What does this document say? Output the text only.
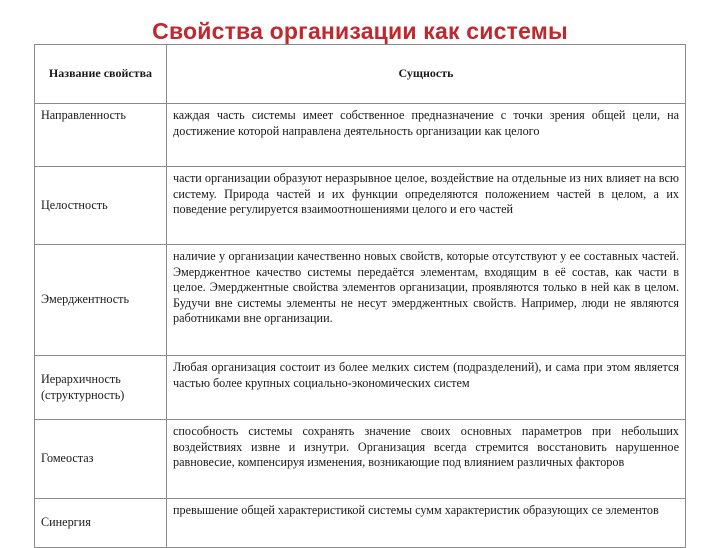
Свойства организации как системы
Название свойства	Сущность
Направленность	каждая часть системы имеет собственное предназначение с точки зрения общей цели, на достижение которой направлена деятельность организации как целого
Целостность	части организации образуют неразрывное целое, воздействие на отдельные из них влияет на всю систему. Природа частей и их функции определяются положением частей в целом, а их поведение регулируется взаимоотношениями целого и его частей
Эмерджентность	наличие у организации качественно новых свойств, которые отсутствуют у ее составных частей. Эмерджентное качество системы передаётся элементам, входящим в её состав, как части в целое. Эмерджентные свойства элементов организации, проявляются только в ней как в целом. Будучи вне системы элементы не несут эмерджентных свойств. Например, люди не являются работниками вне организации.
Иерархичность (структурность)	Любая организация состоит из более мелких систем (подразделений), и сама при этом является частью более крупных социально-экономических систем
Гомеостаз	способность системы сохранять значение своих основных параметров при небольших воздействиях извне и изнутри. Организация всегда стремится восстановить нарушенное равновесие, компенсируя изменения, возникающие под влиянием различных факторов
Синергия	превышение общей характеристикой системы сумм характеристик образующих се элементов
